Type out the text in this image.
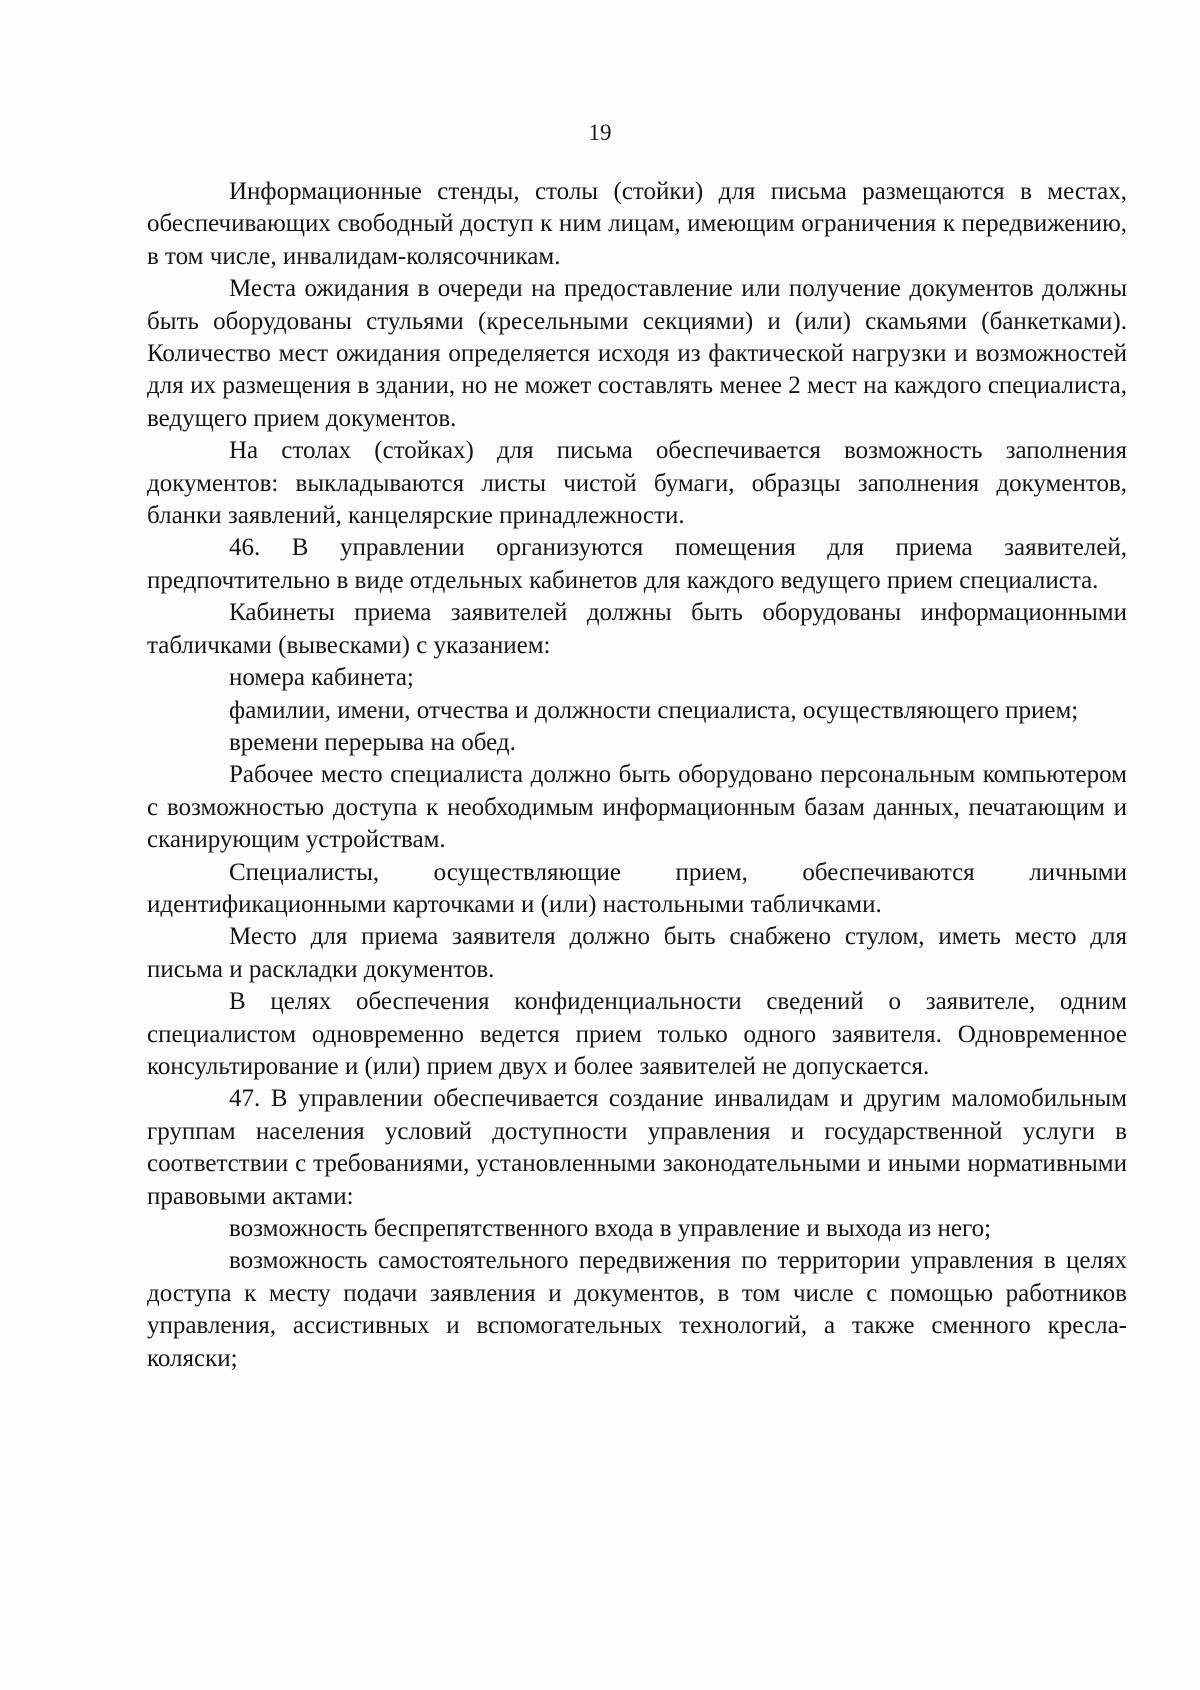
19

Информационные стенды, столы (стойки) для письма размещаются в местах, обеспечивающих свободный доступ к ним лицам, имеющим ограничения к передвижению, в том числе, инвалидам-колясочникам.

Места ожидания в очереди на предоставление или получение документов должны быть оборудованы стульями (кресельными секциями) и (или) скамьями (банкетками). Количество мест ожидания определяется исходя из фактической нагрузки и возможностей для их размещения в здании, но не может составлять менее 2 мест на каждого специалиста, ведущего прием документов.

На столах (стойках) для письма обеспечивается возможность заполнения документов: выкладываются листы чистой бумаги, образцы заполнения документов, бланки заявлений, канцелярские принадлежности.

46. В управлении организуются помещения для приема заявителей, предпочтительно в виде отдельных кабинетов для каждого ведущего прием специалиста.

Кабинеты приема заявителей должны быть оборудованы информационными табличками (вывесками) с указанием:

номера кабинета;

фамилии, имени, отчества и должности специалиста, осуществляющего прием;

времени перерыва на обед.

Рабочее место специалиста должно быть оборудовано персональным компьютером с возможностью доступа к необходимым информационным базам данных, печатающим и сканирующим устройствам.

Специалисты, осуществляющие прием, обеспечиваются личными идентификационными карточками и (или) настольными табличками.

Место для приема заявителя должно быть снабжено стулом, иметь место для письма и раскладки документов.

В целях обеспечения конфиденциальности сведений о заявителе, одним специалистом одновременно ведется прием только одного заявителя. Одновременное консультирование и (или) прием двух и более заявителей не допускается.

47. В управлении обеспечивается создание инвалидам и другим маломобильным группам населения условий доступности управления и государственной услуги в соответствии с требованиями, установленными законодательными и иными нормативными правовыми актами:

возможность беспрепятственного входа в управление и выхода из него;

возможность самостоятельного передвижения по территории управления в целях доступа к месту подачи заявления и документов, в том числе с помощью работников управления, ассистивных и вспомогательных технологий, а также сменного кресла-коляски;
